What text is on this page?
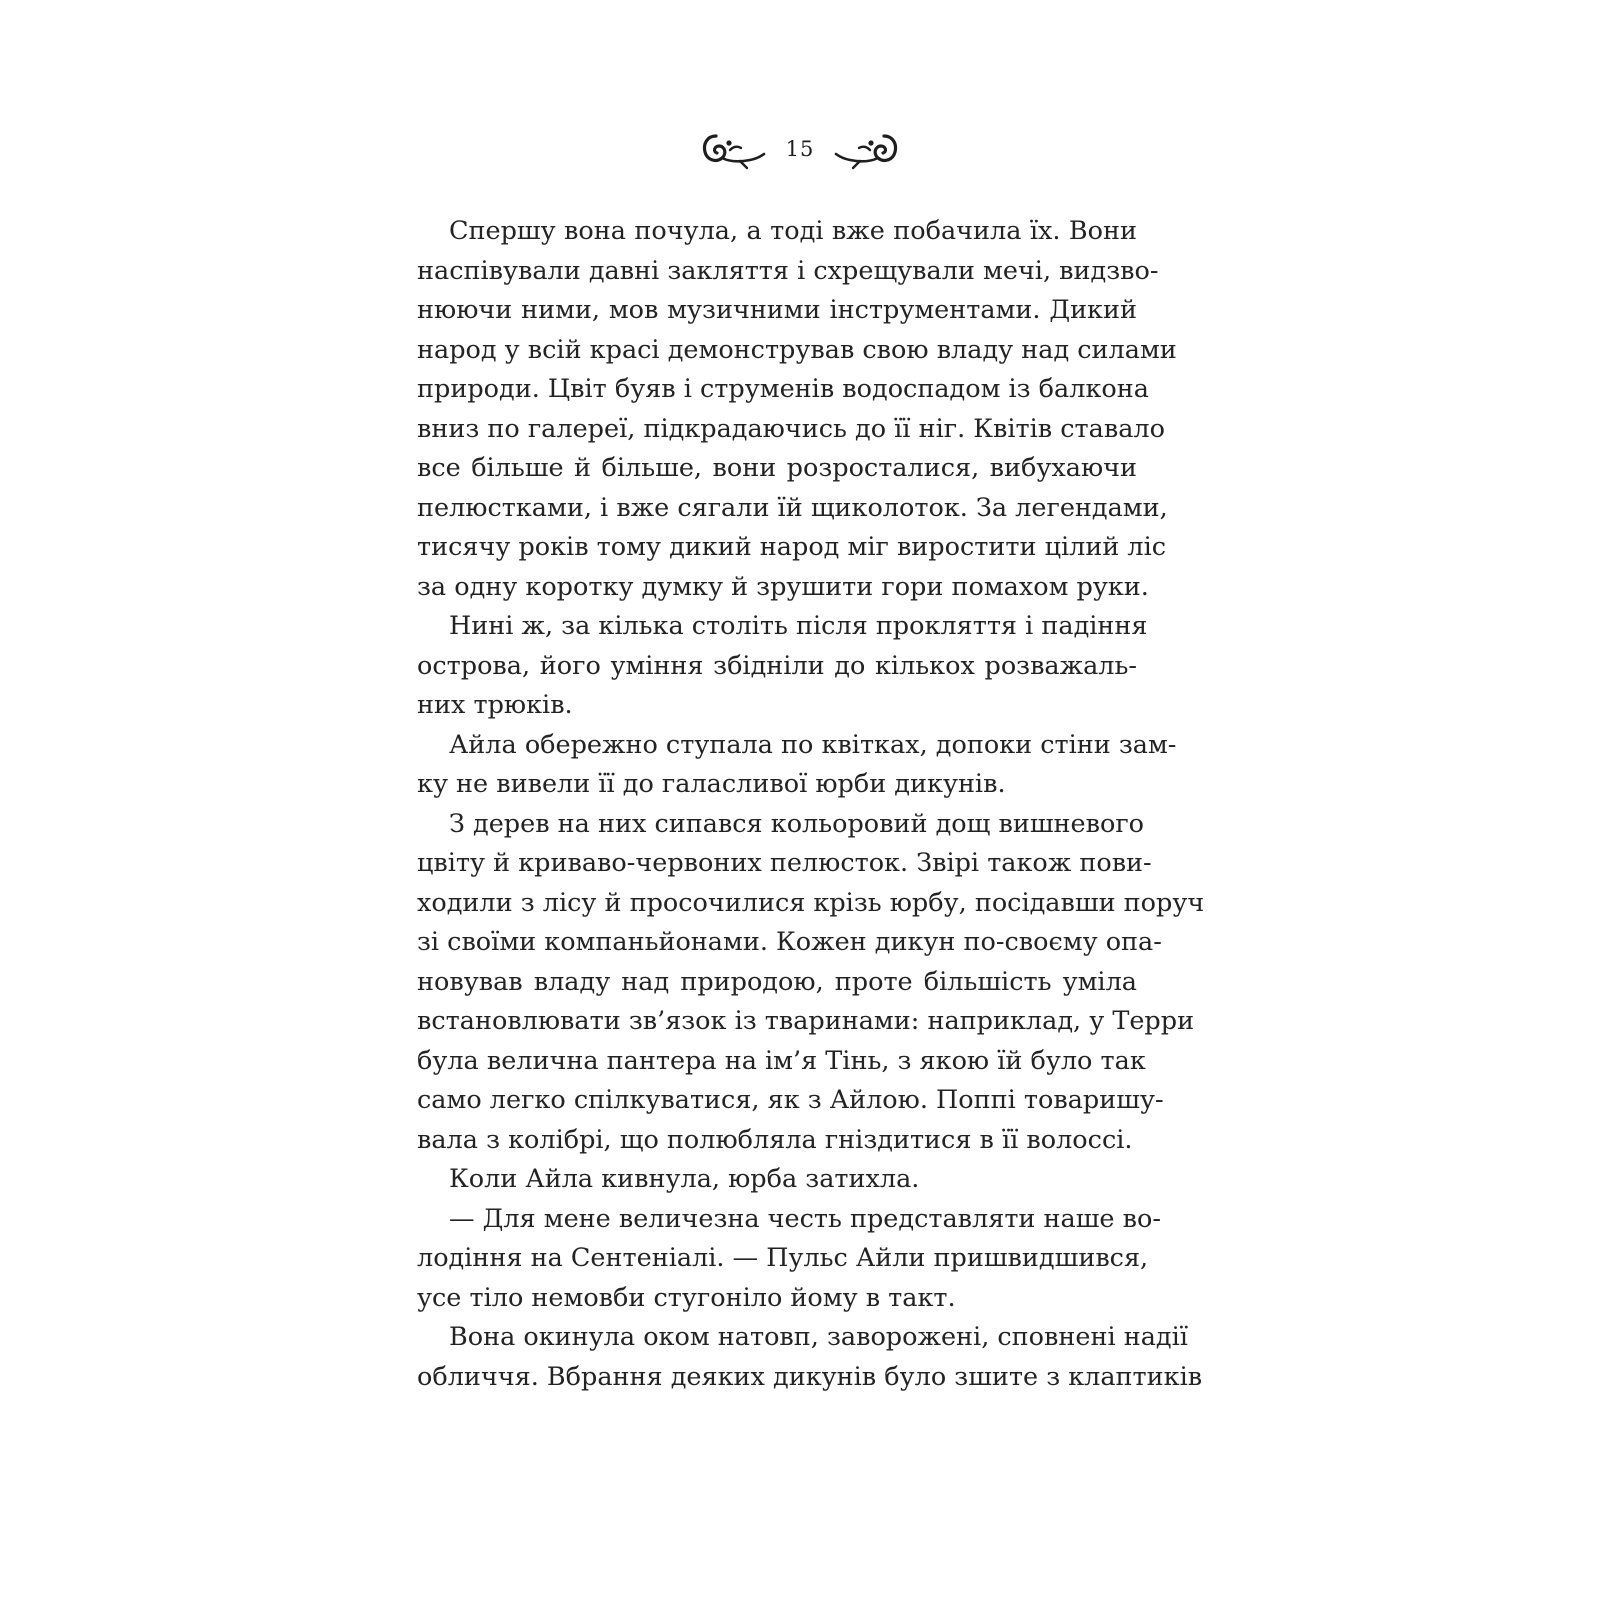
15
Спершу вона почула, а тоді вже побачила їх. Вони
наспівували давні закляття і схрещували мечі, видзво-
нюючи ними, мов музичними інструментами. Дикий
народ у всій красі демонстрував свою владу над силами
природи. Цвіт буяв і струменів водоспадом із балкона
вниз по галереї, підкрадаючись до її ніг. Квітів ставало
все більше й більше, вони розросталися, вибухаючи
пелюстками, і вже сягали їй щиколоток. За легендами,
тисячу років тому дикий народ міг виростити цілий ліс
за одну коротку думку й зрушити гори помахом руки.
Нині ж, за кілька століть після прокляття і падіння
острова, його уміння збідніли до кількох розважаль-
них трюків.
Айла обережно ступала по квітках, допоки стіни зам-
ку не вивели її до галасливої юрби дикунів.
З дерев на них сипався кольоровий дощ вишневого
цвіту й криваво-червоних пелюсток. Звірі також пови-
ходили з лісу й просочилися крізь юрбу, посідавши поруч
зі своїми компаньйонами. Кожен дикун по-своєму опа-
новував владу над природою, проте більшість уміла
встановлювати зв’язок із тваринами: наприклад, у Терри
була величнa пантера на ім’я Тінь, з якою їй було так
само легко спілкуватися, як з Айлою. Поппі товаришу-
вала з колібрі, що полюбляла гніздитися в її волоссі.
Коли Айла кивнула, юрба затихла.
— Для мене величезна честь представляти наше во-
лодіння на Сентеніалі. — Пульс Айли пришвидшився,
усе тіло немовби стугоніло йому в такт.
Вона окинула оком натовп, заворожені, сповнені надії
обличчя. Вбрання деяких дикунів було зшите з клаптиків
